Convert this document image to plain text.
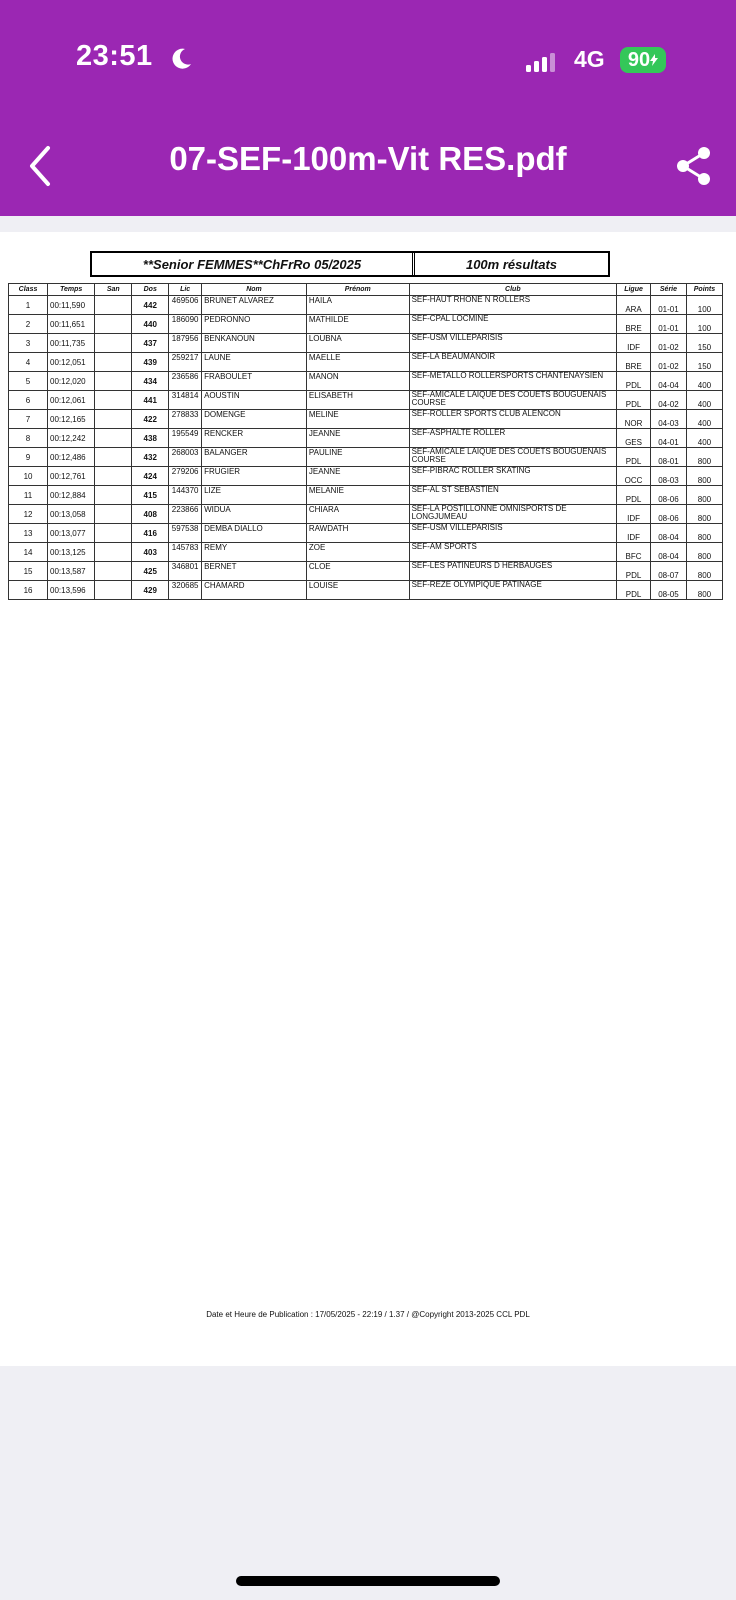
23:51	4G 90
07-SEF-100m-Vit RES.pdf
**Senior FEMMES**ChFrRo 05/2025	100m résultats
Class	Temps	San	Dos	Lic	Nom	Prénom	Club	Ligue	Série	Points
1	00:11,590		442	469506	BRUNET ALVAREZ	HAILA	SEF-HAUT RHONE N ROLLERS	ARA	01-01	100
2	00:11,651		440	186090	PEDRONNO	MATHILDE	SEF-CPAL LOCMINE	BRE	01-01	100
3	00:11,735		437	187956	BENKANOUN	LOUBNA	SEF-USM VILLEPARISIS	IDF	01-02	150
4	00:12,051		439	259217	LAUNE	MAELLE	SEF-LA BEAUMANOIR	BRE	01-02	150
5	00:12,020		434	236586	FRABOULET	MANON	SEF-METALLO ROLLERSPORTS CHANTENAYSIEN	PDL	04-04	400
6	00:12,061		441	314814	AOUSTIN	ELISABETH	SEF-AMICALE LAIQUE DES COUETS BOUGUENAIS COURSE	PDL	04-02	400
7	00:12,165		422	278833	DOMENGE	MELINE	SEF-ROLLER SPORTS CLUB ALENCON	NOR	04-03	400
8	00:12,242		438	195549	RENCKER	JEANNE	SEF-ASPHALTE ROLLER	GES	04-01	400
9	00:12,486		432	268003	BALANGER	PAULINE	SEF-AMICALE LAIQUE DES COUETS BOUGUENAIS COURSE	PDL	08-01	800
10	00:12,761		424	279206	FRUGIER	JEANNE	SEF-PIBRAC ROLLER SKATING	OCC	08-03	800
11	00:12,884		415	144370	LIZE	MELANIE	SEF-AL ST SEBASTIEN	PDL	08-06	800
12	00:13,058		408	223866	WIDUA	CHIARA	SEF-LA POSTILLONNE OMNISPORTS DE LONGJUMEAU	IDF	08-06	800
13	00:13,077		416	597538	DEMBA DIALLO	RAWDATH	SEF-USM VILLEPARISIS	IDF	08-04	800
14	00:13,125		403	145783	REMY	ZOE	SEF-AM SPORTS	BFC	08-04	800
15	00:13,587		425	346801	BERNET	CLOE	SEF-LES PATINEURS D HERBAUGES	PDL	08-07	800
16	00:13,596		429	320685	CHAMARD	LOUISE	SEF-REZE OLYMPIQUE PATINAGE	PDL	08-05	800
Date et Heure de Publication : 17/05/2025 - 22:19 / 1.37 / @Copyright 2013-2025 CCL PDL
